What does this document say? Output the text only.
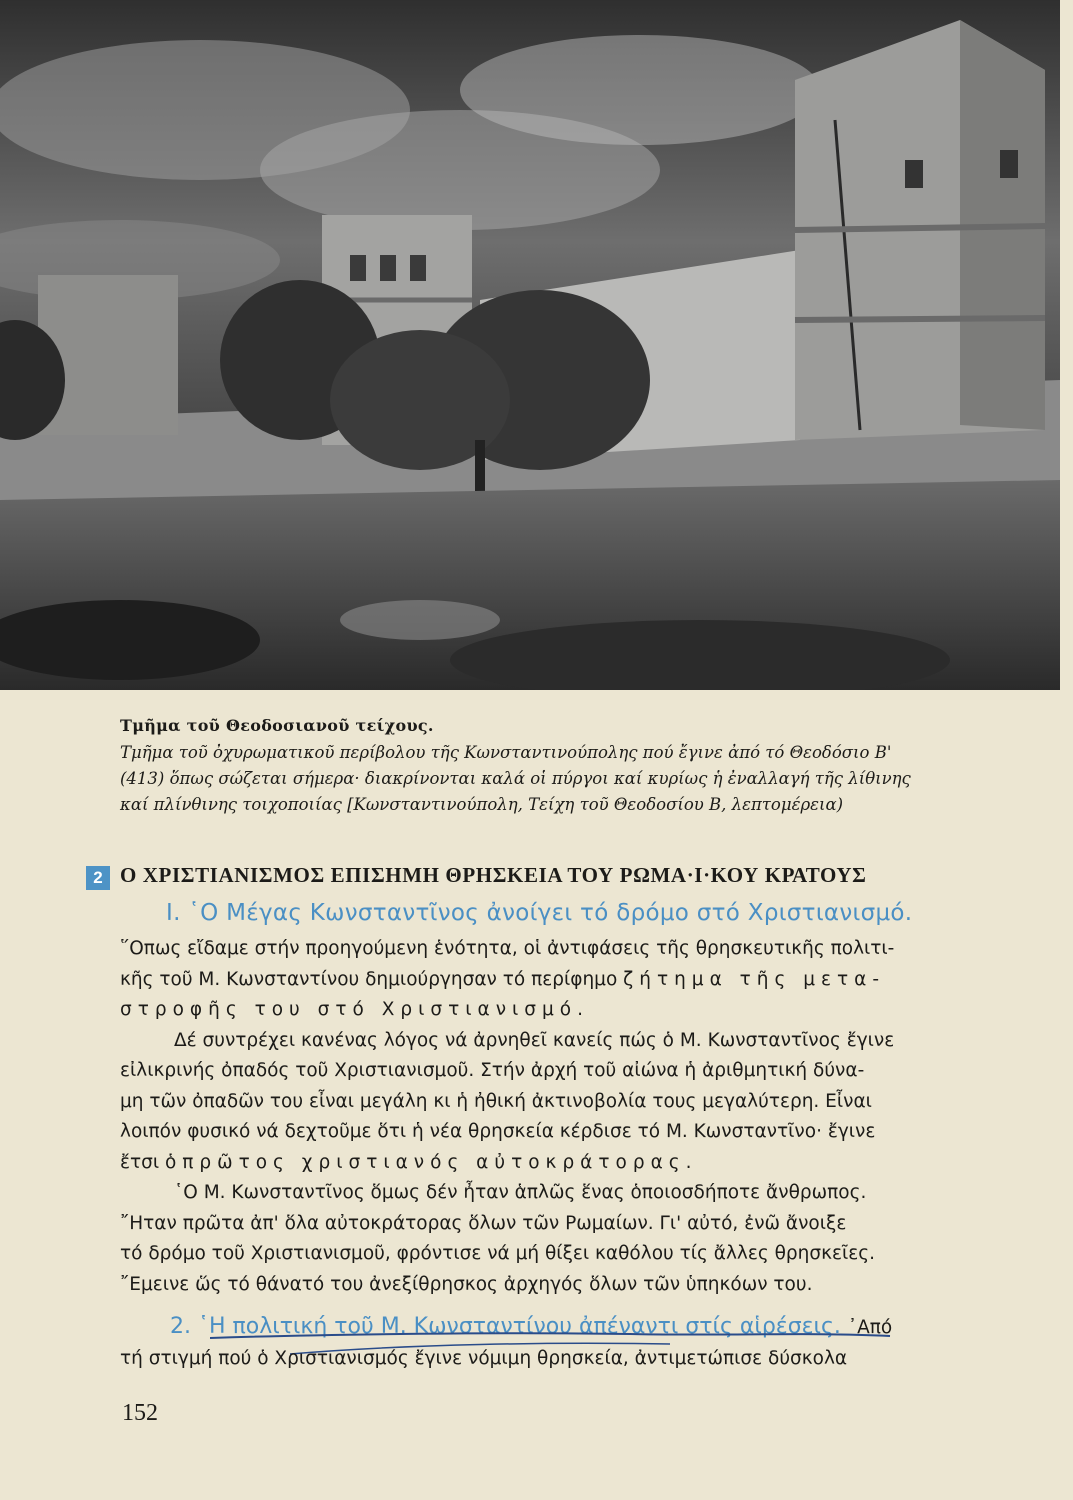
Τμῆμα τοῦ Θεοδοσιανοῦ τείχους.
Τμῆμα τοῦ ὀχυρωματικοῦ περίβολου τῆς Κωνσταντινούπολης πού ἔγινε ἀπό τό Θεοδόσιο Β'
(413) ὅπως σώζεται σήμερα· διακρίνονται καλά οἱ πύργοι καί κυρίως ἡ ἐναλλαγή τῆς λίθινης
καί πλίνθινης τοιχοποιίας [Κωνσταντινούπολη, Τείχη τοῦ Θεοδοσίου Β, λεπτομέρεια)
2 Ο ΧΡΙΣΤΙΑΝΙΣΜΟΣ ΕΠΙΣΗΜΗ ΘΡΗΣΚΕΙΑ ΤΟΥ ΡΩΜΑ·Ι·ΚΟΥ ΚΡΑΤΟΥΣ
Ι. ῾Ο Μέγας Κωνσταντῖνος ἀνοίγει τό δρόμο στό Χριστιανισμό.
῞Οπως εἴδαμε στήν προηγούμενη ἑνότητα, οἱ ἀντιφάσεις τῆς θρησκευτικῆς πολιτι-
κῆς τοῦ Μ. Κωνσταντίνου δημιούργησαν τό περίφημο ζήτημα τῆς μετα-
στροφῆς του στό Χριστιανισμό.
Δέ συντρέχει κανένας λόγος νά ἀρνηθεῖ κανείς πώς ὁ Μ. Κωνσταντῖνος ἔγινε
εἰλικρινής ὀπαδός τοῦ Χριστιανισμοῦ. Στήν ἀρχή τοῦ αἰώνα ἡ ἀριθμητική δύνα-
μη τῶν ὀπαδῶν του εἶναι μεγάλη κι ἡ ἠθική ἀκτινοβολία τους μεγαλύτερη. Εἶναι
λοιπόν φυσικό νά δεχτοῦμε ὅτι ἡ νέα θρησκεία κέρδισε τό Μ. Κωνσταντῖνο· ἔγινε
ἔτσι ὁ πρῶτος χριστιανός αὐτοκράτορας.
῾Ο Μ. Κωνσταντῖνος ὅμως δέν ἦταν ἁπλῶς ἕνας ὁποιοσδήποτε ἄνθρωπος.
῎Ηταν πρῶτα ἀπ' ὅλα αὐτοκράτορας ὅλων τῶν Ρωμαίων. Γι' αὐτό, ἐνῶ ἄνοιξε
τό δρόμο τοῦ Χριστιανισμοῦ, φρόντισε νά μή θίξει καθόλου τίς ἄλλες θρησκεῖες.
῎Εμεινε ὥς τό θάνατό του ἀνεξίθρησκος ἀρχηγός ὅλων τῶν ὑπηκόων του.
2. ῾Η πολιτική τοῦ Μ. Κωνσταντίνου ἀπέναντι στίς αἱρέσεις. ᾿Από
τή στιγμή πού ὁ Χριστιανισμός ἔγινε νόμιμη θρησκεία, ἀντιμετώπισε δύσκολα
152
